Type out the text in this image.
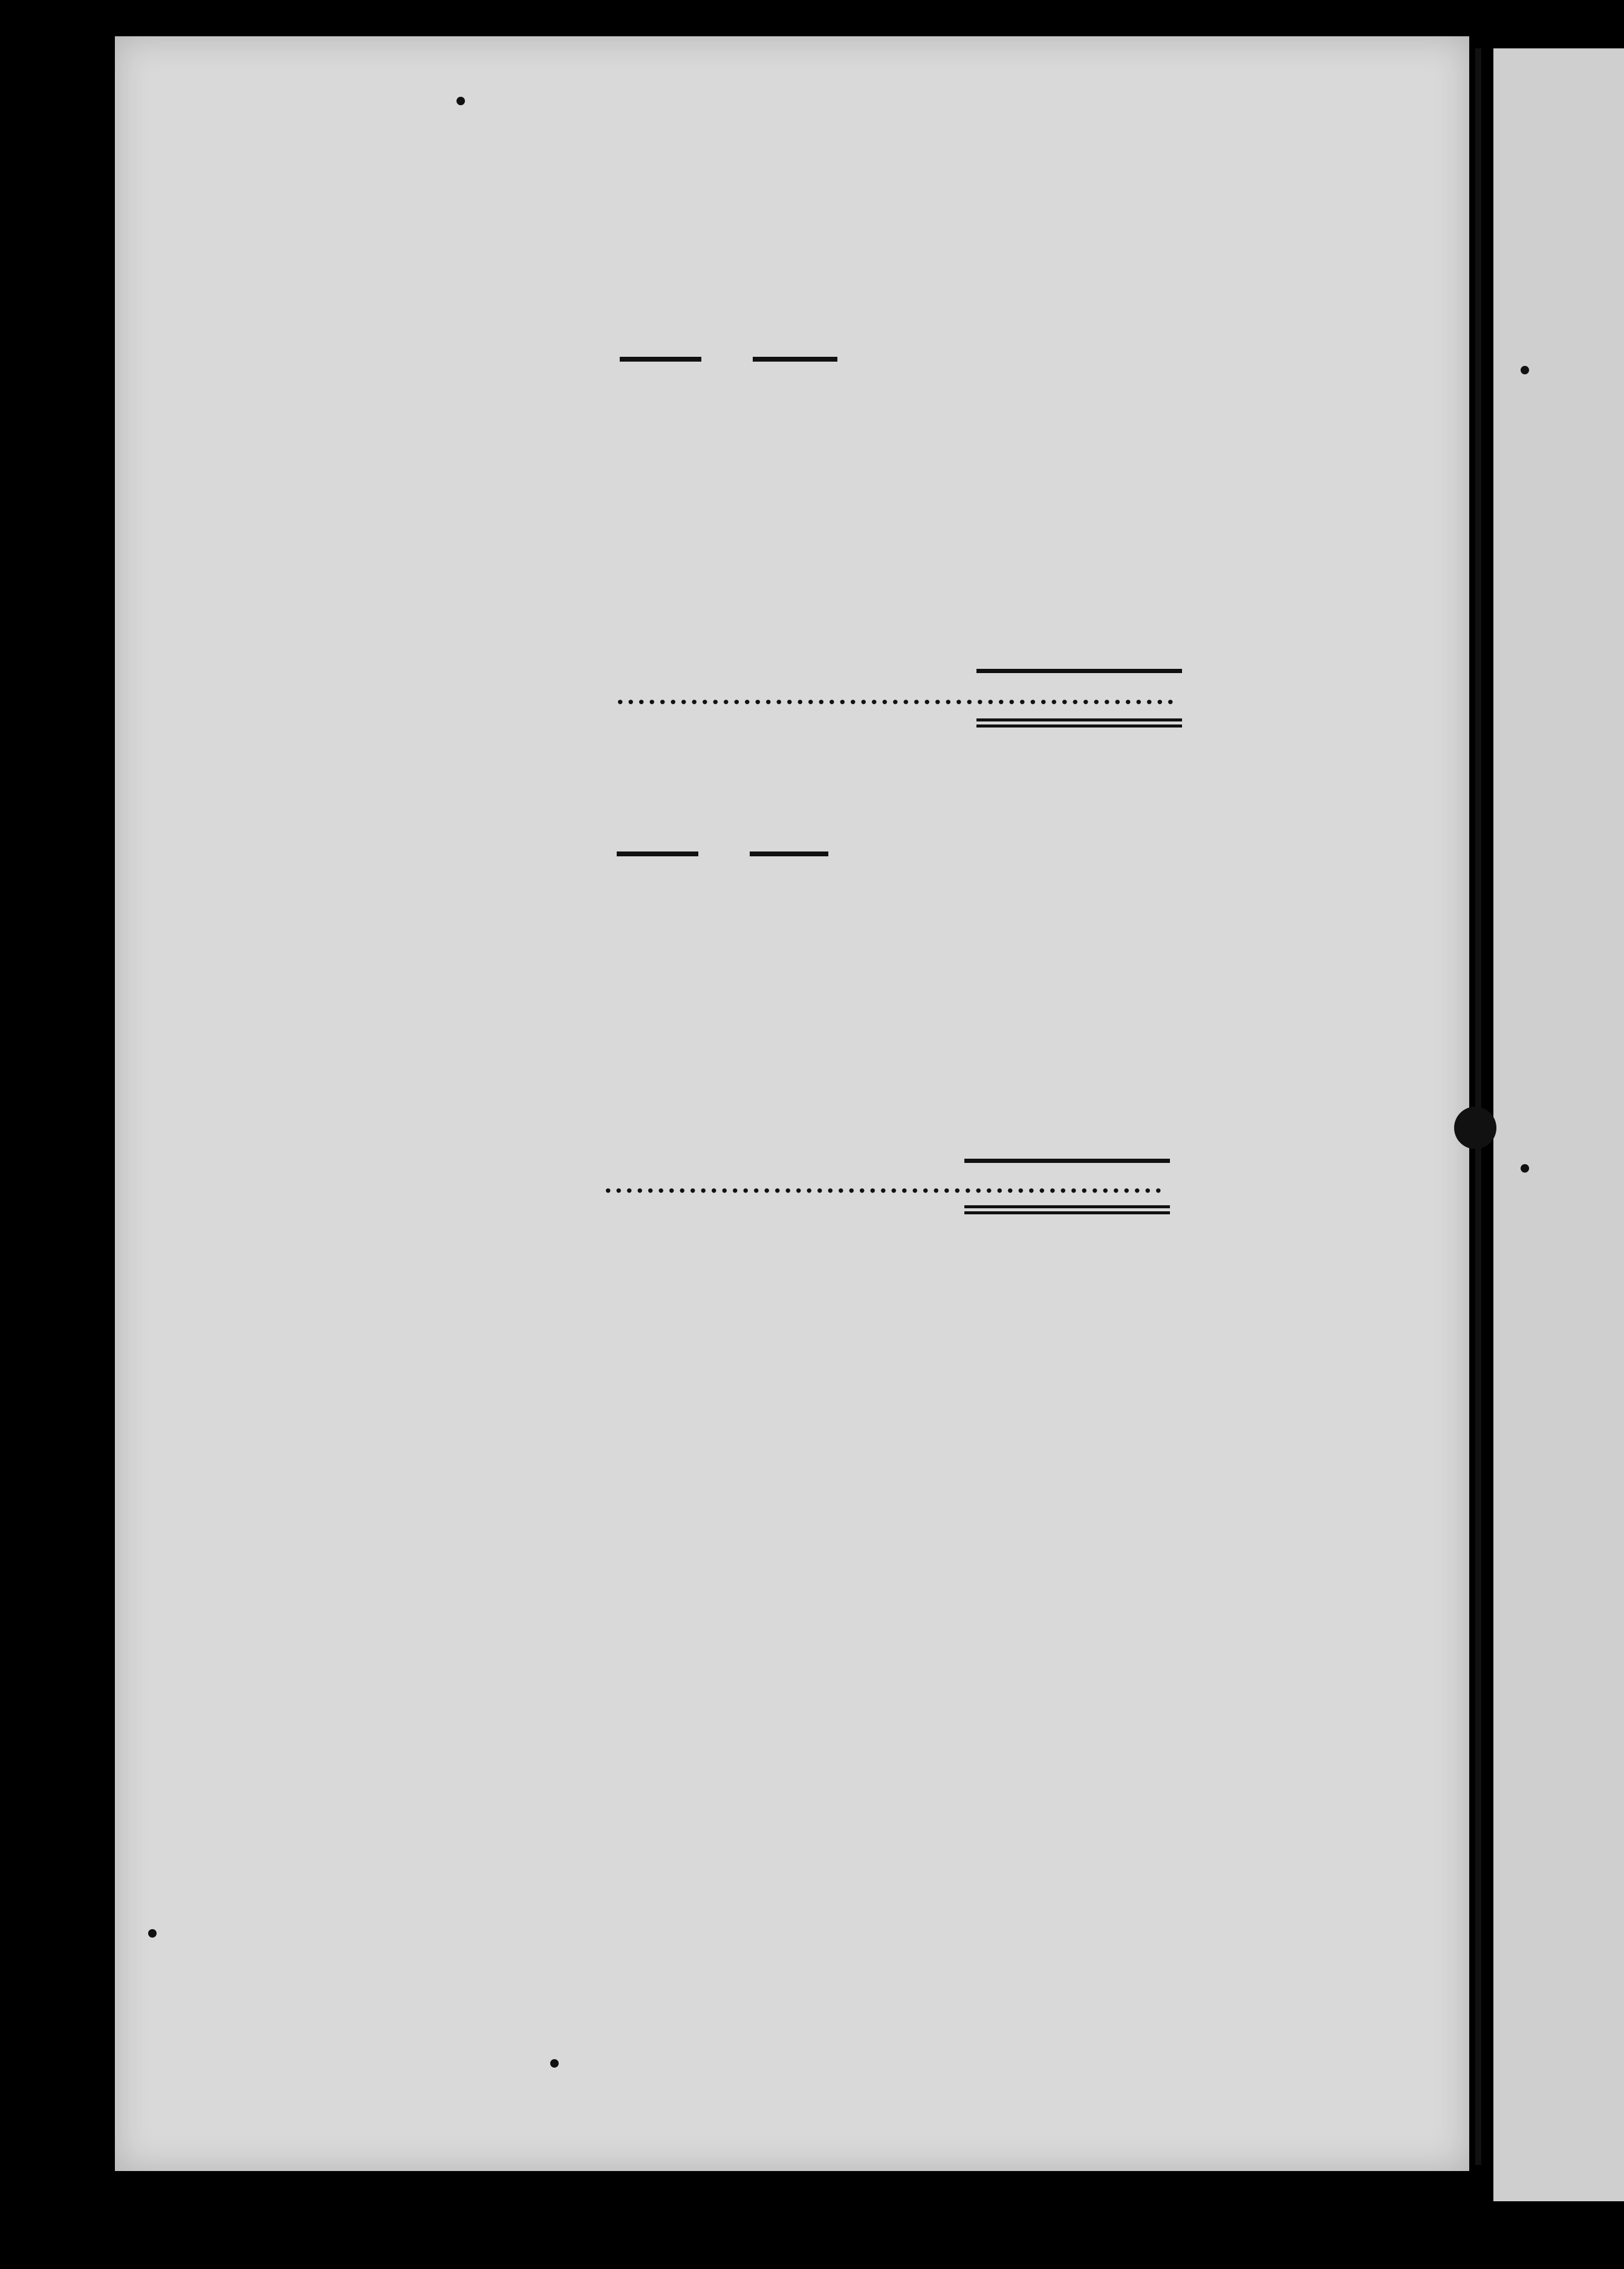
.....
.....
